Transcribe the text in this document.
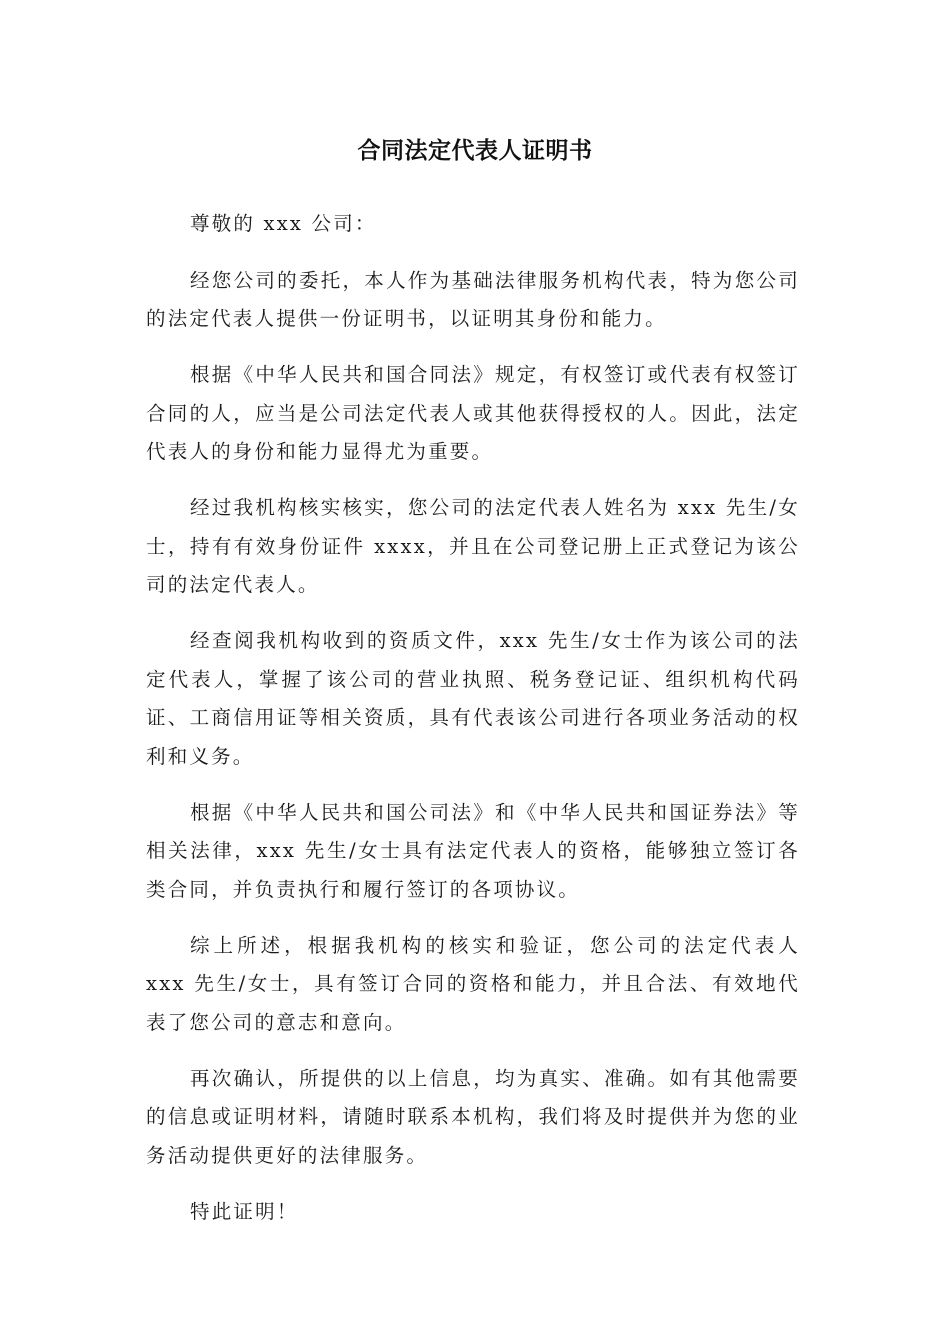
合同法定代表人证明书

尊敬的 xxx 公司：

经您公司的委托，本人作为基础法律服务机构代表，特为您公司的法定代表人提供一份证明书，以证明其身份和能力。

根据《中华人民共和国合同法》规定，有权签订或代表有权签订合同的人，应当是公司法定代表人或其他获得授权的人。因此，法定代表人的身份和能力显得尤为重要。

经过我机构核实核实，您公司的法定代表人姓名为 xxx 先生/女士，持有有效身份证件 xxxx，并且在公司登记册上正式登记为该公司的法定代表人。

经查阅我机构收到的资质文件，xxx 先生/女士作为该公司的法定代表人，掌握了该公司的营业执照、税务登记证、组织机构代码证、工商信用证等相关资质，具有代表该公司进行各项业务活动的权利和义务。

根据《中华人民共和国公司法》和《中华人民共和国证券法》等相关法律，xxx 先生/女士具有法定代表人的资格，能够独立签订各类合同，并负责执行和履行签订的各项协议。

综上所述，根据我机构的核实和验证，您公司的法定代表人 xxx 先生/女士，具有签订合同的资格和能力，并且合法、有效地代表了您公司的意志和意向。

再次确认，所提供的以上信息，均为真实、准确。如有其他需要的信息或证明材料，请随时联系本机构，我们将及时提供并为您的业务活动提供更好的法律服务。

特此证明！
